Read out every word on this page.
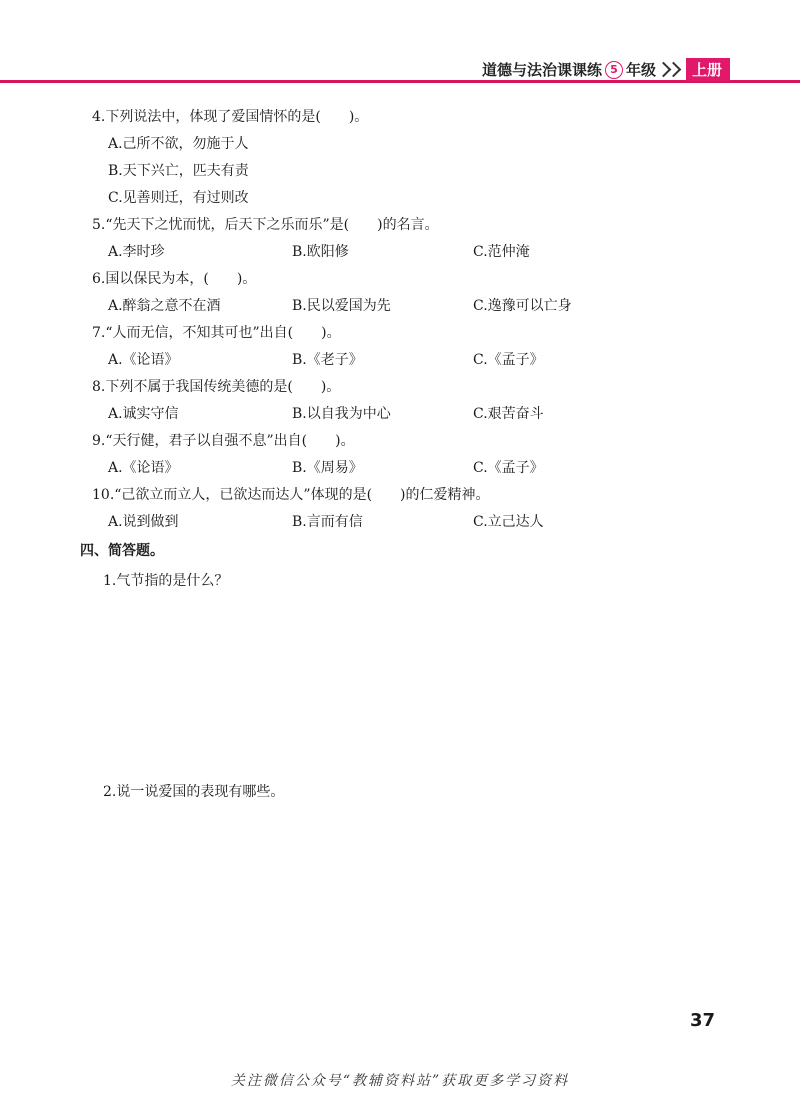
道德与法治课课练 5 年级	上册
4.下列说法中，体现了爱国情怀的是(　　)。
A.己所不欲，勿施于人
B.天下兴亡，匹夫有责
C.见善则迁，有过则改
5.“先天下之忧而忧，后天下之乐而乐”是(　　)的名言。
A.李时珍	B.欧阳修	C.范仲淹
6.国以保民为本，(　　)。
A.醉翁之意不在酒	B.民以爱国为先	C.逸豫可以亡身
7.“人而无信，不知其可也”出自(　　)。
A.《论语》	B.《老子》	C.《孟子》
8.下列不属于我国传统美德的是(　　)。
A.诚实守信	B.以自我为中心	C.艰苦奋斗
9.“天行健，君子以自强不息”出自(　　)。
A.《论语》	B.《周易》	C.《孟子》
10.“己欲立而立人，已欲达而达人”体现的是(　　)的仁爱精神。
A.说到做到	B.言而有信	C.立己达人
四、简答题。
1.气节指的是什么？
2.说一说爱国的表现有哪些。
37
关注微信公众号“教辅资料站”获取更多学习资料
